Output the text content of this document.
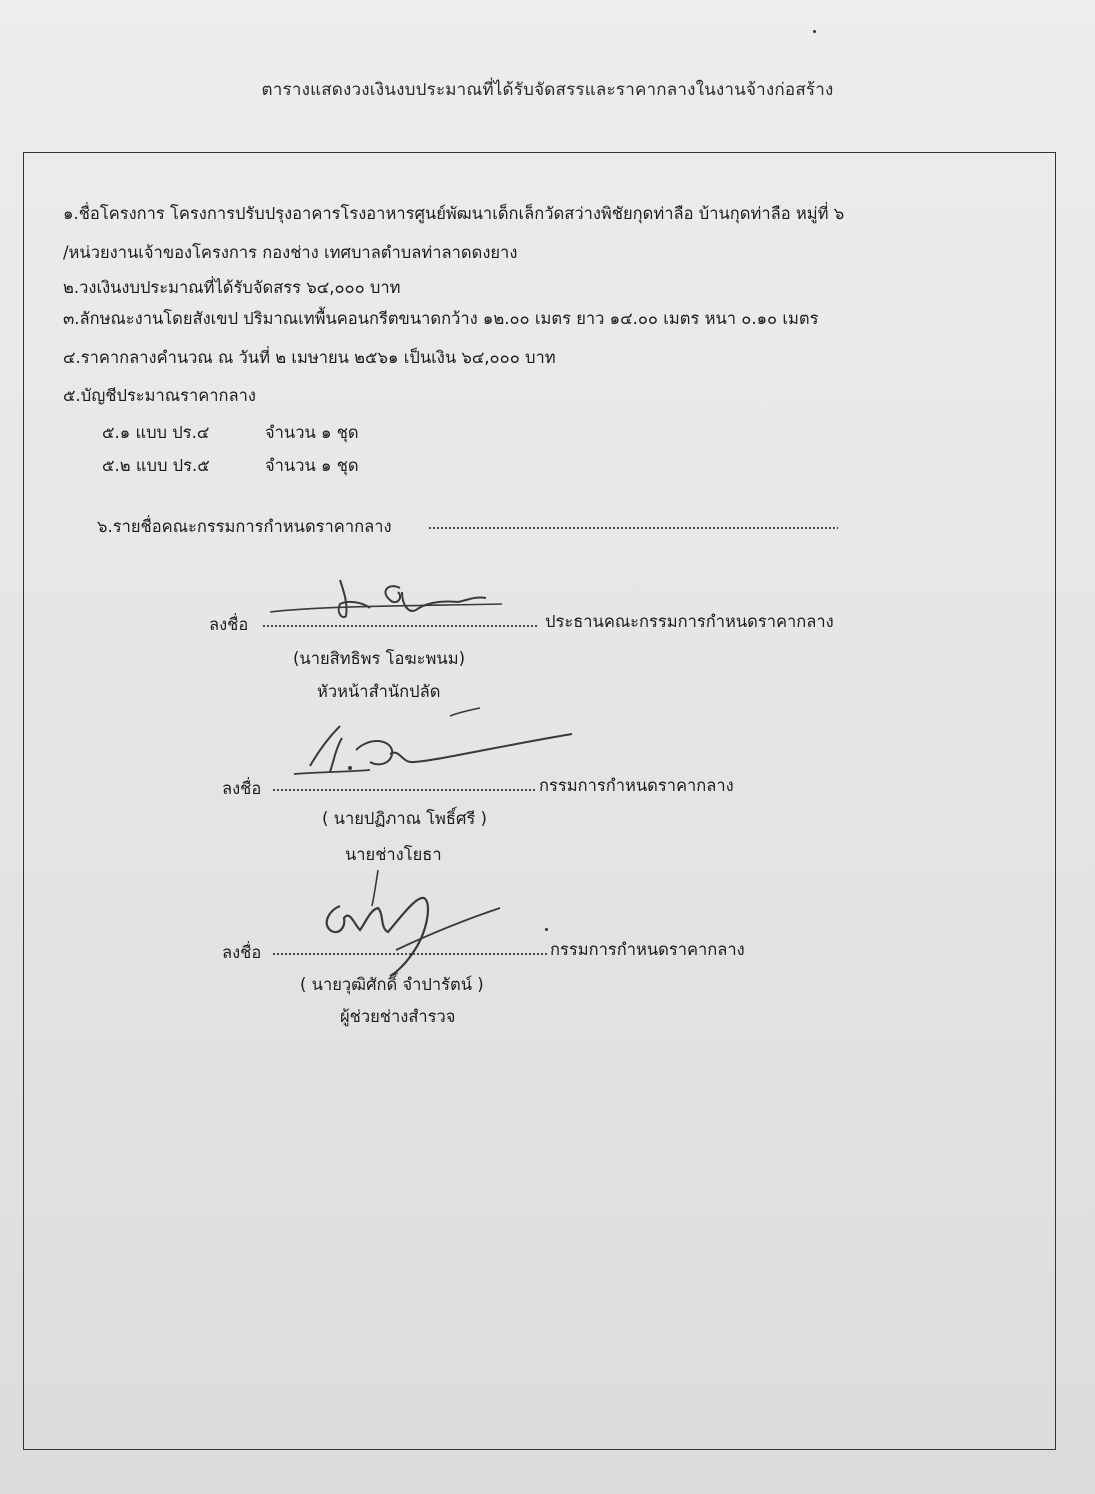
ตารางแสดงวงเงินงบประมาณที่ได้รับจัดสรรและราคากลางในงานจ้างก่อสร้าง
๑.ชื่อโครงการ โครงการปรับปรุงอาคารโรงอาหารศูนย์พัฒนาเด็กเล็กวัดสว่างพิชัยกุดท่าลือ บ้านกุดท่าลือ หมู่ที่ ๖
/หน่วยงานเจ้าของโครงการ กองช่าง เทศบาลตำบลท่าลาดดงยาง
๒.วงเงินงบประมาณที่ได้รับจัดสรร ๖๔,๐๐๐ บาท
๓.ลักษณะงานโดยสังเขป ปริมาณเทพื้นคอนกรีตขนาดกว้าง ๑๒.๐๐ เมตร ยาว ๑๔.๐๐ เมตร หนา ๐.๑๐ เมตร
๔.ราคากลางคำนวณ ณ วันที่ ๒ เมษายน ๒๕๖๑ เป็นเงิน ๖๔,๐๐๐ บาท
๕.บัญชีประมาณราคากลาง
๕.๑ แบบ ปร.๔	จำนวน ๑ ชุด
๕.๒ แบบ ปร.๕	จำนวน ๑ ชุด
๖.รายชื่อคณะกรรมการกำหนดราคากลาง
ลงชื่อ	ประธานคณะกรรมการกำหนดราคากลาง
(นายสิทธิพร โอฆะพนม)
หัวหน้าสำนักปลัด
ลงชื่อ	กรรมการกำหนดราคากลาง
( นายปฏิภาณ โพธิ์ศรี )
นายช่างโยธา
ลงชื่อ	กรรมการกำหนดราคากลาง
( นายวุฒิศักดิ์ จำปารัตน์ )
ผู้ช่วยช่างสำรวจ
